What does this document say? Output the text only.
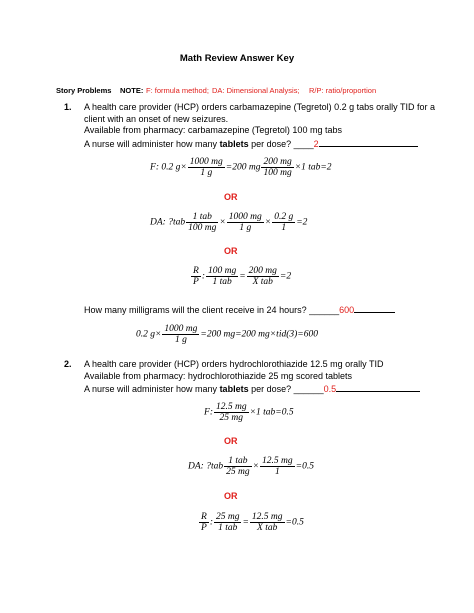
Math Review Answer Key
Story Problems NOTE: F: formula method; DA: Dimensional Analysis; R/P: ratio/proportion
1. A health care provider (HCP) orders carbamazepine (Tegretol) 0.2 g tabs orally TID for a
client with an onset of new seizures.
Available from pharmacy: carbamazepine (Tegretol) 100 mg tabs
A nurse will administer how many tablets per dose? ____2
F: 0.2 $g\times \frac{1000 mg}{1 g} =200$ mg $\frac{200 mg}{100 mg} \times 1$ tab=2
OR
DA: ?tab $\frac{\text{1 tab}}{100 mg} \times \frac{1000 mg}{1 g} \times \frac{0.2 g}{1} =2$
OR
$\frac{R}{P}$ : $\frac{100 mg}{\text{1 tab}} = \frac{200 mg}{\text{X tab}} =2$
How many milligrams will the client receive in 24 hours? ______600
0.2 $g\times \frac{1000 mg}{1 g} =200$ mg=200 mg×tid(3)=600
2. A health care provider (HCP) orders hydrochlorothiazide 12.5 mg orally TID
Available from pharmacy: hydrochlorothiazide 25 mg scored tablets
A nurse will administer how many tablets per dose? ______0.5
F: $\frac{12.5 mg}{25 mg} \times 1$ tab=0.5
OR
DA: ?tab $\frac{\text{1 tab}}{25 mg} \times \frac{12.5 mg}{1} =0.5$
OR
$\frac{R}{P}$ : $\frac{25 mg}{\text{1 tab}} = \frac{12.5 mg}{\text{X tab}} =0.5$
